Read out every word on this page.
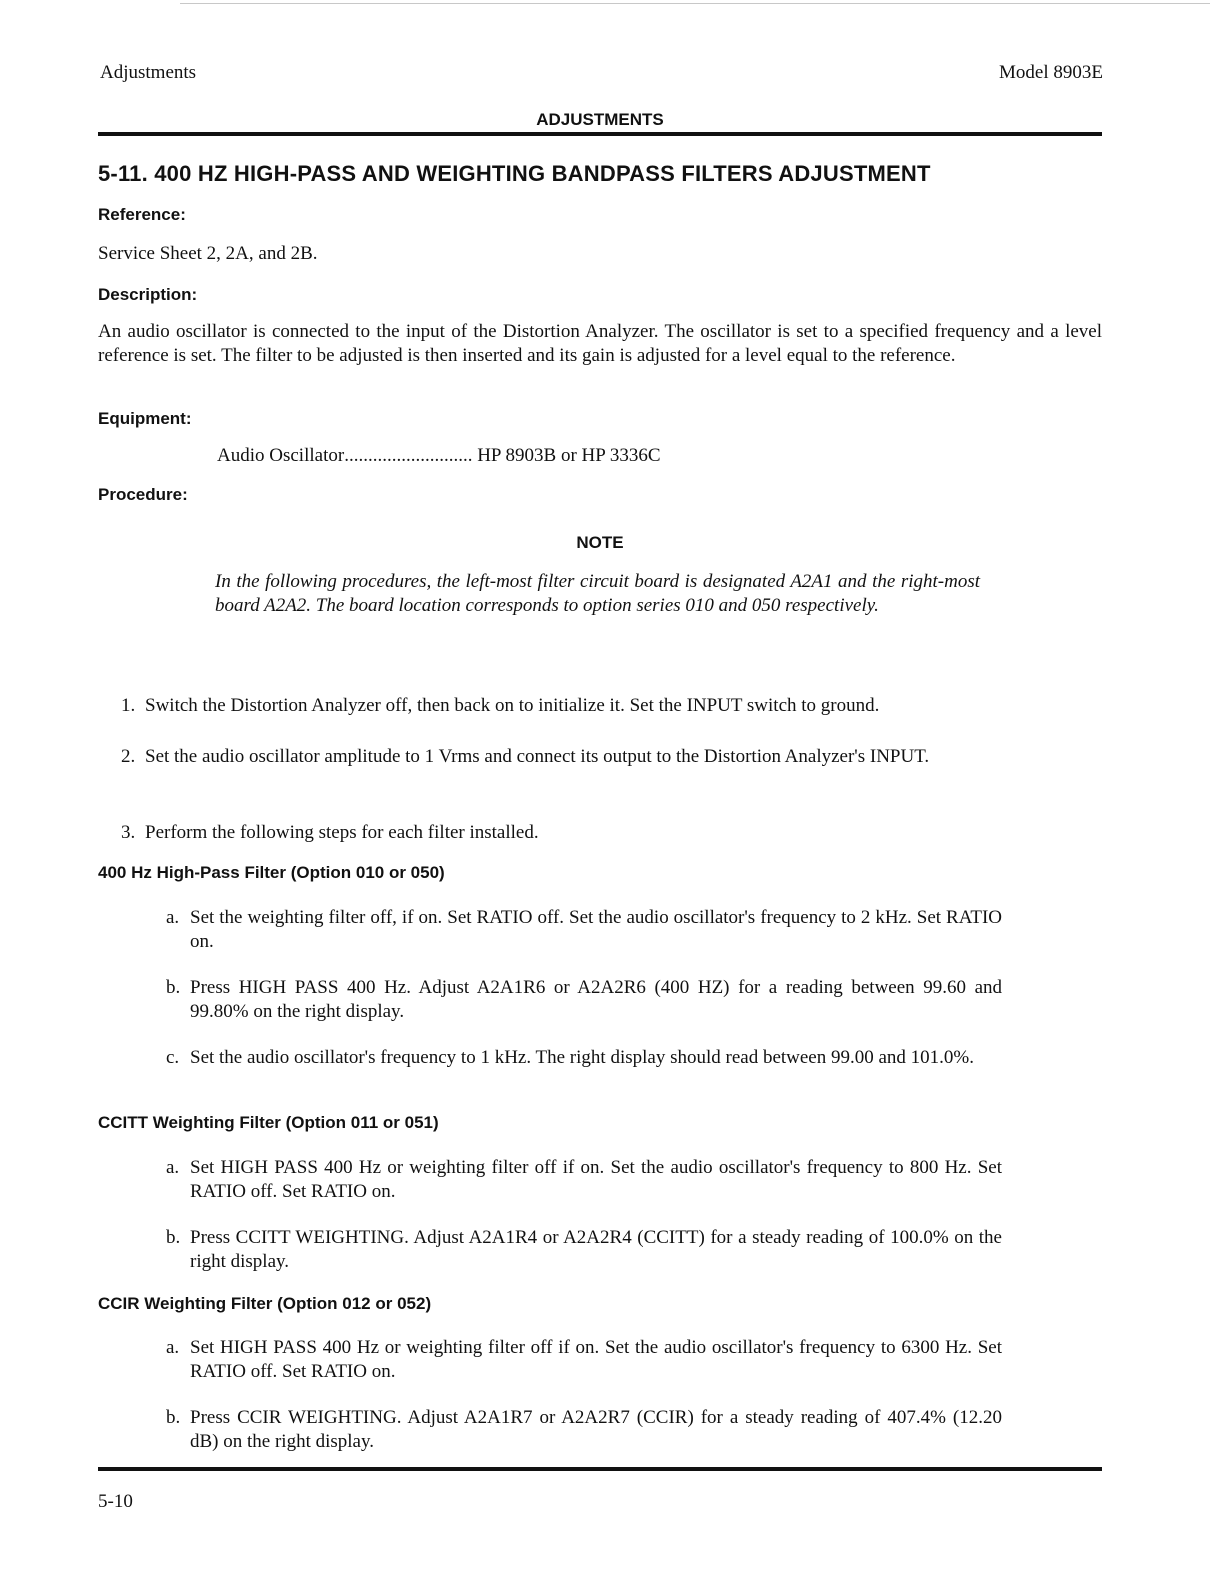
Adjustments	Model 8903E
ADJUSTMENTS
5-11. 400 HZ HIGH-PASS AND WEIGHTING BANDPASS FILTERS ADJUSTMENT
Reference:
Service Sheet 2, 2A, and 2B.
Description:
An audio oscillator is connected to the input of the Distortion Analyzer. The oscillator is set to a specified frequency and a level reference is set. The filter to be adjusted is then inserted and its gain is adjusted for a level equal to the reference.
Equipment:
Audio Oscillator........................... HP 8903B or HP 3336C
Procedure:
NOTE
In the following procedures, the left-most filter circuit board is designated A2A1 and the right-most board A2A2. The board location corresponds to option series 010 and 050 respectively.
1. Switch the Distortion Analyzer off, then back on to initialize it. Set the INPUT switch to ground.
2. Set the audio oscillator amplitude to 1 Vrms and connect its output to the Distortion Analyzer's INPUT.
3. Perform the following steps for each filter installed.
400 Hz High-Pass Filter (Option 010 or 050)
a. Set the weighting filter off, if on. Set RATIO off. Set the audio oscillator's frequency to 2 kHz. Set RATIO on.
b. Press HIGH PASS 400 Hz. Adjust A2A1R6 or A2A2R6 (400 HZ) for a reading between 99.60 and 99.80% on the right display.
c. Set the audio oscillator's frequency to 1 kHz. The right display should read between 99.00 and 101.0%.
CCITT Weighting Filter (Option 011 or 051)
a. Set HIGH PASS 400 Hz or weighting filter off if on. Set the audio oscillator's frequency to 800 Hz. Set RATIO off. Set RATIO on.
b. Press CCITT WEIGHTING. Adjust A2A1R4 or A2A2R4 (CCITT) for a steady reading of 100.0% on the right display.
CCIR Weighting Filter (Option 012 or 052)
a. Set HIGH PASS 400 Hz or weighting filter off if on. Set the audio oscillator's frequency to 6300 Hz. Set RATIO off. Set RATIO on.
b. Press CCIR WEIGHTING. Adjust A2A1R7 or A2A2R7 (CCIR) for a steady reading of 407.4% (12.20 dB) on the right display.
5-10
